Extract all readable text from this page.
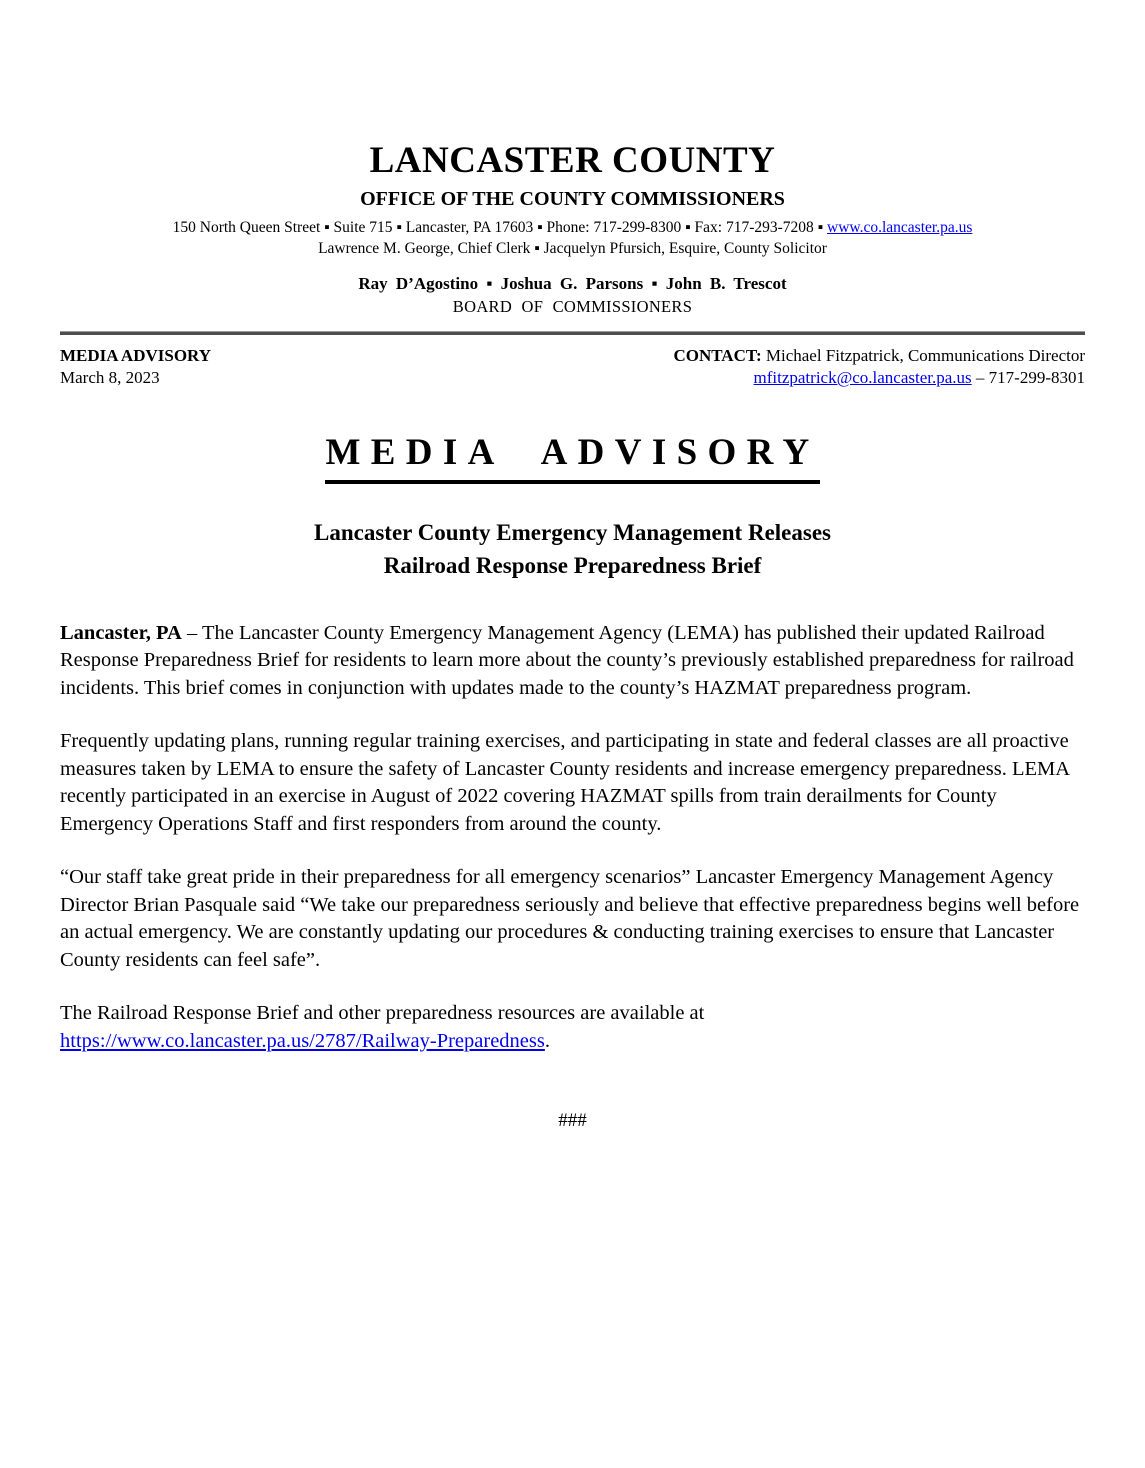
LANCASTER COUNTY
OFFICE OF THE COUNTY COMMISSIONERS

150 North Queen Street ▪ Suite 715 ▪ Lancaster, PA 17603 ▪ Phone: 717-299-8300 ▪ Fax: 717-293-7208 ▪ www.co.lancaster.pa.us

Lawrence M. George, Chief Clerk ▪ Jacquelyn Pfursich, Esquire, County Solicitor

Ray D’Agostino ▪ Joshua G. Parsons ▪ John B. Trescot

BOARD OF COMMISSIONERS

MEDIA ADVISORY

March 8, 2023

CONTACT: Michael Fitzpatrick, Communications Director

mfitzpatrick@co.lancaster.pa.us – 717-299-8301

MEDIA ADVISORY
Lancaster County Emergency Management Releases
Railroad Response Preparedness Brief

Lancaster, PA – The Lancaster County Emergency Management Agency (LEMA) has published their updated Railroad Response Preparedness Brief for residents to learn more about the county’s previously established preparedness for railroad incidents. This brief comes in conjunction with updates made to the county’s HAZMAT preparedness program.

Frequently updating plans, running regular training exercises, and participating in state and federal classes are all proactive measures taken by LEMA to ensure the safety of Lancaster County residents and increase emergency preparedness. LEMA recently participated in an exercise in August of 2022 covering HAZMAT spills from train derailments for County Emergency Operations Staff and first responders from around the county.

“Our staff take great pride in their preparedness for all emergency scenarios” Lancaster Emergency Management Agency Director Brian Pasquale said “We take our preparedness seriously and believe that effective preparedness begins well before an actual emergency. We are constantly updating our procedures & conducting training exercises to ensure that Lancaster County residents can feel safe”.

The Railroad Response Brief and other preparedness resources are available at
https://www.co.lancaster.pa.us/2787/Railway-Preparedness.

###
